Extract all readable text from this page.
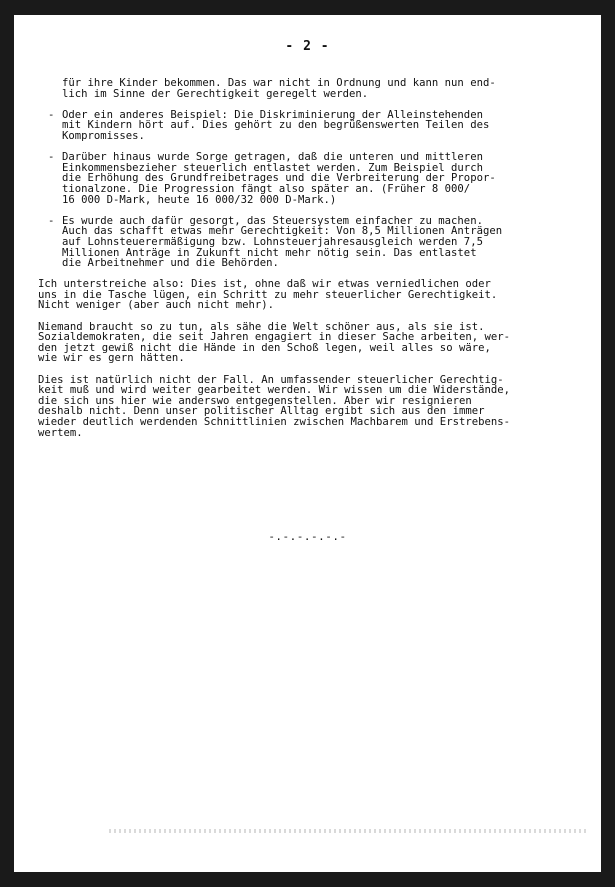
- 2 -
für ihre Kinder bekommen. Das war nicht in Ordnung und kann nun end-
lich im Sinne der Gerechtigkeit geregelt werden.
- Oder ein anderes Beispiel: Die Diskriminierung der Alleinstehenden
mit Kindern hört auf. Dies gehört zu den begrüßenswerten Teilen des
Kompromisses.
- Darüber hinaus wurde Sorge getragen, daß die unteren und mittleren
Einkommensbezieher steuerlich entlastet werden. Zum Beispiel durch
die Erhöhung des Grundfreibetrages und die Verbreiterung der Propor-
tionalzone. Die Progression fängt also später an. (Früher 8 000/
16 000 D-Mark, heute 16 000/32 000 D-Mark.)
- Es wurde auch dafür gesorgt, das Steuersystem einfacher zu machen.
Auch das schafft etwas mehr Gerechtigkeit: Von 8,5 Millionen Anträgen
auf Lohnsteuerermäßigung bzw. Lohnsteuerjahresausgleich werden 7,5
Millionen Anträge in Zukunft nicht mehr nötig sein. Das entlastet
die Arbeitnehmer und die Behörden.
Ich unterstreiche also: Dies ist, ohne daß wir etwas verniedlichen oder
uns in die Tasche lügen, ein Schritt zu mehr steuerlicher Gerechtigkeit.
Nicht weniger (aber auch nicht mehr).
Niemand braucht so zu tun, als sähe die Welt schöner aus, als sie ist.
Sozialdemokraten, die seit Jahren engagiert in dieser Sache arbeiten, wer-
den jetzt gewiß nicht die Hände in den Schoß legen, weil alles so wäre,
wie wir es gern hätten.
Dies ist natürlich nicht der Fall. An umfassender steuerlicher Gerechtig-
keit muß und wird weiter gearbeitet werden. Wir wissen um die Widerstände,
die sich uns hier wie anderswo entgegenstellen. Aber wir resignieren
deshalb nicht. Denn unser politischer Alltag ergibt sich aus den immer
wieder deutlich werdenden Schnittlinien zwischen Machbarem und Erstrebens-
wertem.
-.-.-.-.-.-
